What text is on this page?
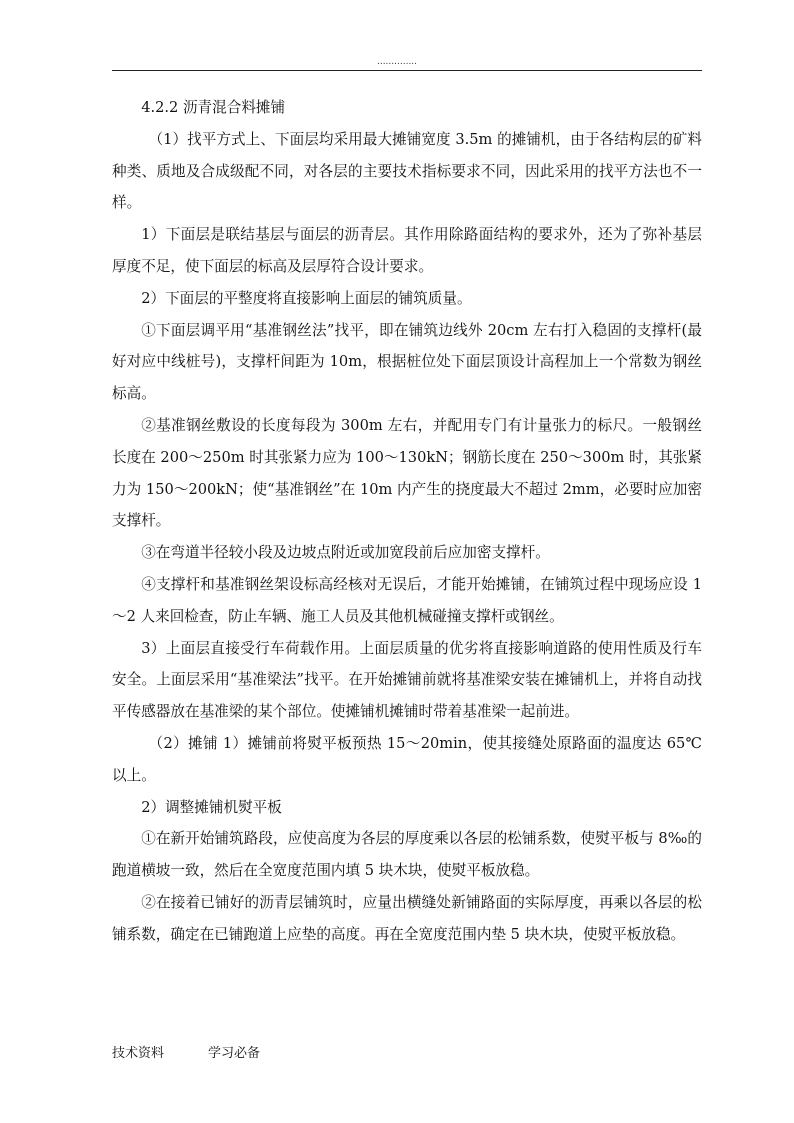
..............

4.2.2 沥青混合料摊铺

（1）找平方式上、下面层均采用最大摊铺宽度 3.5m 的摊铺机，由于各结构层的矿料种类、质地及合成级配不同，对各层的主要技术指标要求不同，因此采用的找平方法也不一样。

1）下面层是联结基层与面层的沥青层。其作用除路面结构的要求外，还为了弥补基层厚度不足，使下面层的标高及层厚符合设计要求。

2）下面层的平整度将直接影响上面层的铺筑质量。

①下面层调平用“基准钢丝法”找平，即在铺筑边线外 20cm 左右打入稳固的支撑杆(最好对应中线桩号)，支撑杆间距为 10m，根据桩位处下面层顶设计高程加上一个常数为钢丝标高。

②基准钢丝敷设的长度每段为 300m 左右，并配用专门有计量张力的标尺。一般钢丝长度在 200～250m 时其张紧力应为 100～130kN；钢筋长度在 250～300m 时，其张紧力为 150～200kN；使“基准钢丝”在 10m 内产生的挠度最大不超过 2mm，必要时应加密支撑杆。

③在弯道半径较小段及边坡点附近或加宽段前后应加密支撑杆。

④支撑杆和基准钢丝架设标高经核对无误后，才能开始摊铺，在铺筑过程中现场应设 1～2 人来回检查，防止车辆、施工人员及其他机械碰撞支撑杆或钢丝。

3）上面层直接受行车荷载作用。上面层质量的优劣将直接影响道路的使用性质及行车安全。上面层采用“基准梁法”找平。在开始摊铺前就将基准梁安装在摊铺机上，并将自动找平传感器放在基准梁的某个部位。使摊铺机摊铺时带着基准梁一起前进。

（2）摊铺 1）摊铺前将熨平板预热 15～20min，使其接缝处原路面的温度达 65℃以上。

2）调整摊铺机熨平板

①在新开始铺筑路段，应使高度为各层的厚度乘以各层的松铺系数，使熨平板与 8‰的跑道横坡一致，然后在全宽度范围内填 5 块木块，使熨平板放稳。

②在接着已铺好的沥青层铺筑时，应量出横缝处新铺路面的实际厚度，再乘以各层的松铺系数，确定在已铺跑道上应垫的高度。再在全宽度范围内垫 5 块木块，使熨平板放稳。

技术资料	学习必备
